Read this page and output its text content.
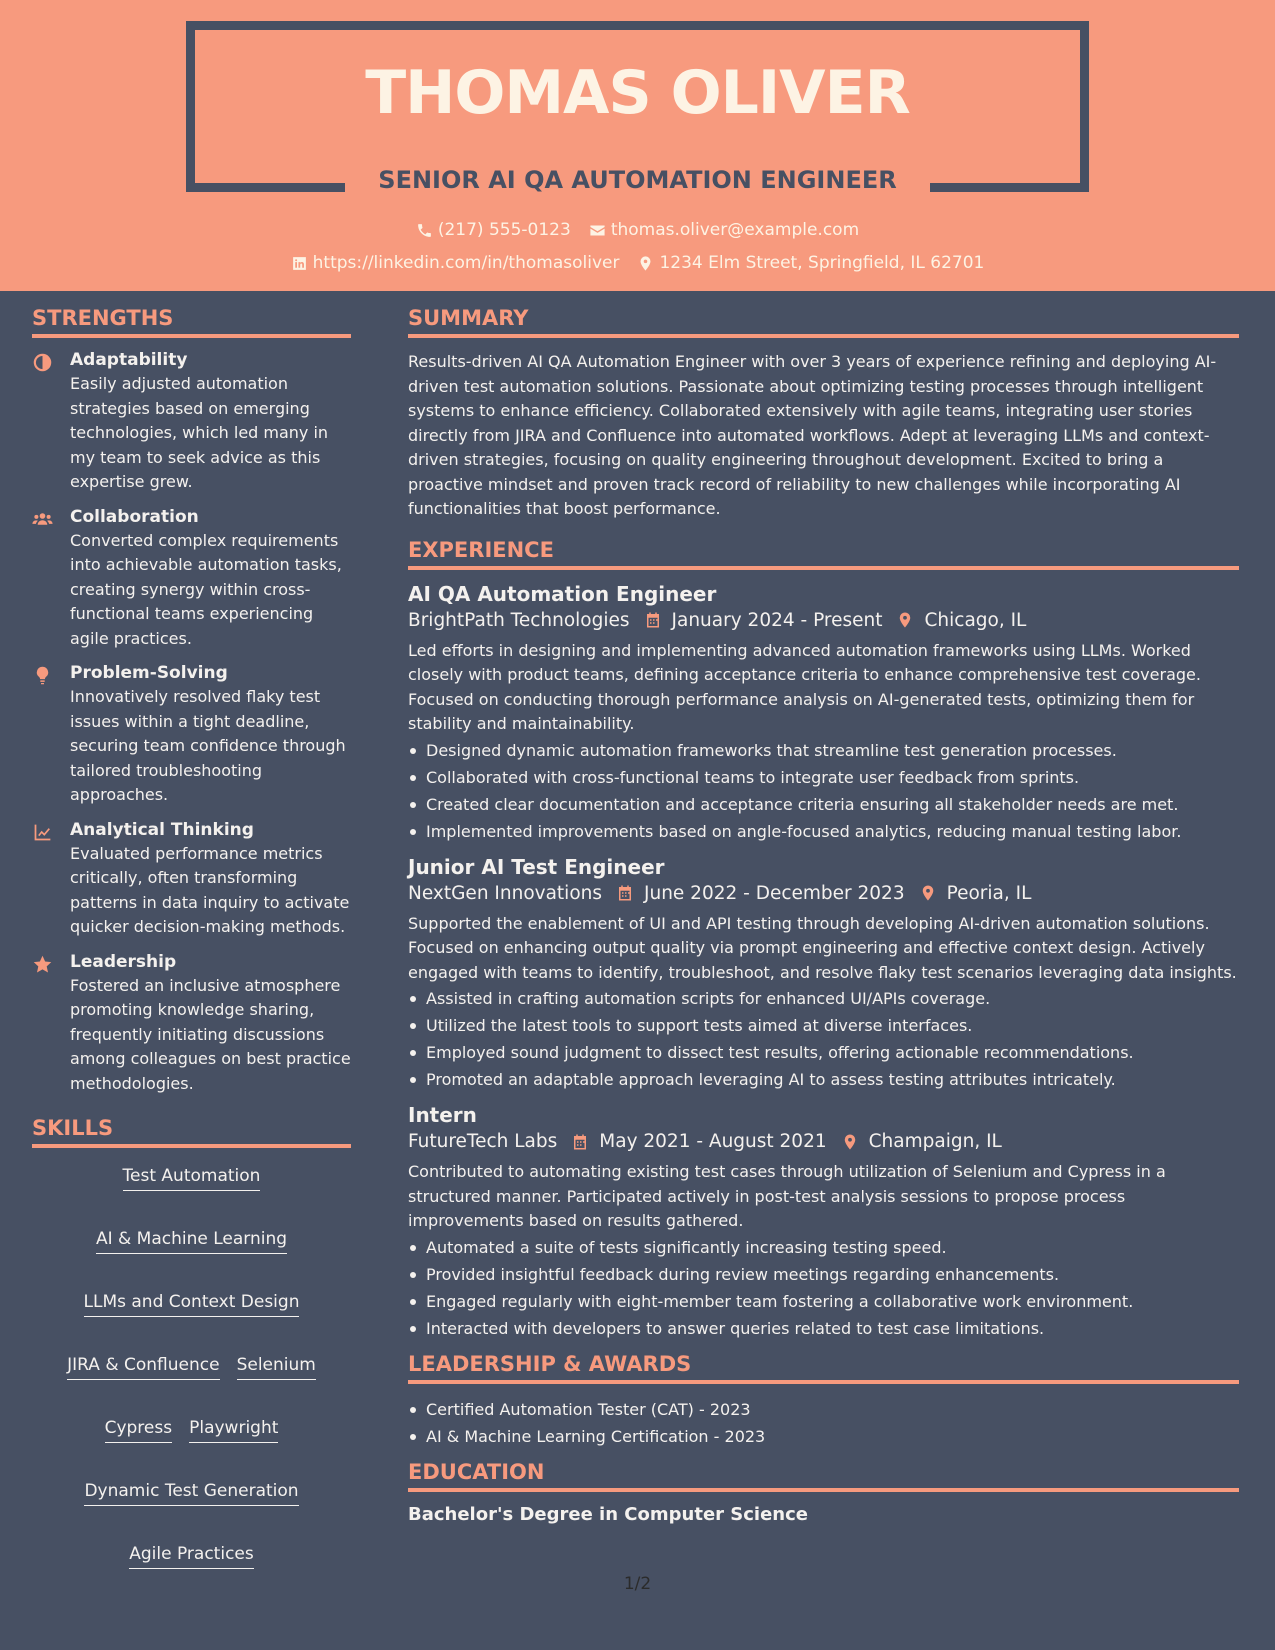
THOMAS OLIVER
SENIOR AI QA AUTOMATION ENGINEER
(217) 555-0123 thomas.oliver@example.com
https://linkedin.com/in/thomasoliver 1234 Elm Street, Springfield, IL 62701
STRENGTHS
Adaptability
Easily adjusted automation strategies based on emerging technologies, which led many in my team to seek advice as this expertise grew.
Collaboration
Converted complex requirements into achievable automation tasks, creating synergy within cross-functional teams experiencing agile practices.
Problem-Solving
Innovatively resolved flaky test issues within a tight deadline, securing team confidence through tailored troubleshooting approaches.
Analytical Thinking
Evaluated performance metrics critically, often transforming patterns in data inquiry to activate quicker decision-making methods.
Leadership
Fostered an inclusive atmosphere promoting knowledge sharing, frequently initiating discussions among colleagues on best practice methodologies.
SKILLS
Test Automation
AI & Machine Learning
LLMs and Context Design
JIRA & Confluence Selenium
Cypress Playwright
Dynamic Test Generation
Agile Practices
SUMMARY
Results-driven AI QA Automation Engineer with over 3 years of experience refining and deploying AI-driven test automation solutions. Passionate about optimizing testing processes through intelligent systems to enhance efficiency. Collaborated extensively with agile teams, integrating user stories directly from JIRA and Confluence into automated workflows. Adept at leveraging LLMs and context-driven strategies, focusing on quality engineering throughout development. Excited to bring a proactive mindset and proven track record of reliability to new challenges while incorporating AI functionalities that boost performance.
EXPERIENCE
AI QA Automation Engineer
BrightPath Technologies January 2024 - Present Chicago, IL
Led efforts in designing and implementing advanced automation frameworks using LLMs. Worked closely with product teams, defining acceptance criteria to enhance comprehensive test coverage. Focused on conducting thorough performance analysis on AI-generated tests, optimizing them for stability and maintainability.
Designed dynamic automation frameworks that streamline test generation processes.
Collaborated with cross-functional teams to integrate user feedback from sprints.
Created clear documentation and acceptance criteria ensuring all stakeholder needs are met.
Implemented improvements based on angle-focused analytics, reducing manual testing labor.
Junior AI Test Engineer
NextGen Innovations June 2022 - December 2023 Peoria, IL
Supported the enablement of UI and API testing through developing AI-driven automation solutions. Focused on enhancing output quality via prompt engineering and effective context design. Actively engaged with teams to identify, troubleshoot, and resolve flaky test scenarios leveraging data insights.
Assisted in crafting automation scripts for enhanced UI/APIs coverage.
Utilized the latest tools to support tests aimed at diverse interfaces.
Employed sound judgment to dissect test results, offering actionable recommendations.
Promoted an adaptable approach leveraging AI to assess testing attributes intricately.
Intern
FutureTech Labs May 2021 - August 2021 Champaign, IL
Contributed to automating existing test cases through utilization of Selenium and Cypress in a structured manner. Participated actively in post-test analysis sessions to propose process improvements based on results gathered.
Automated a suite of tests significantly increasing testing speed.
Provided insightful feedback during review meetings regarding enhancements.
Engaged regularly with eight-member team fostering a collaborative work environment.
Interacted with developers to answer queries related to test case limitations.
LEADERSHIP & AWARDS
Certified Automation Tester (CAT) - 2023
AI & Machine Learning Certification - 2023
EDUCATION
Bachelor's Degree in Computer Science
1/2
